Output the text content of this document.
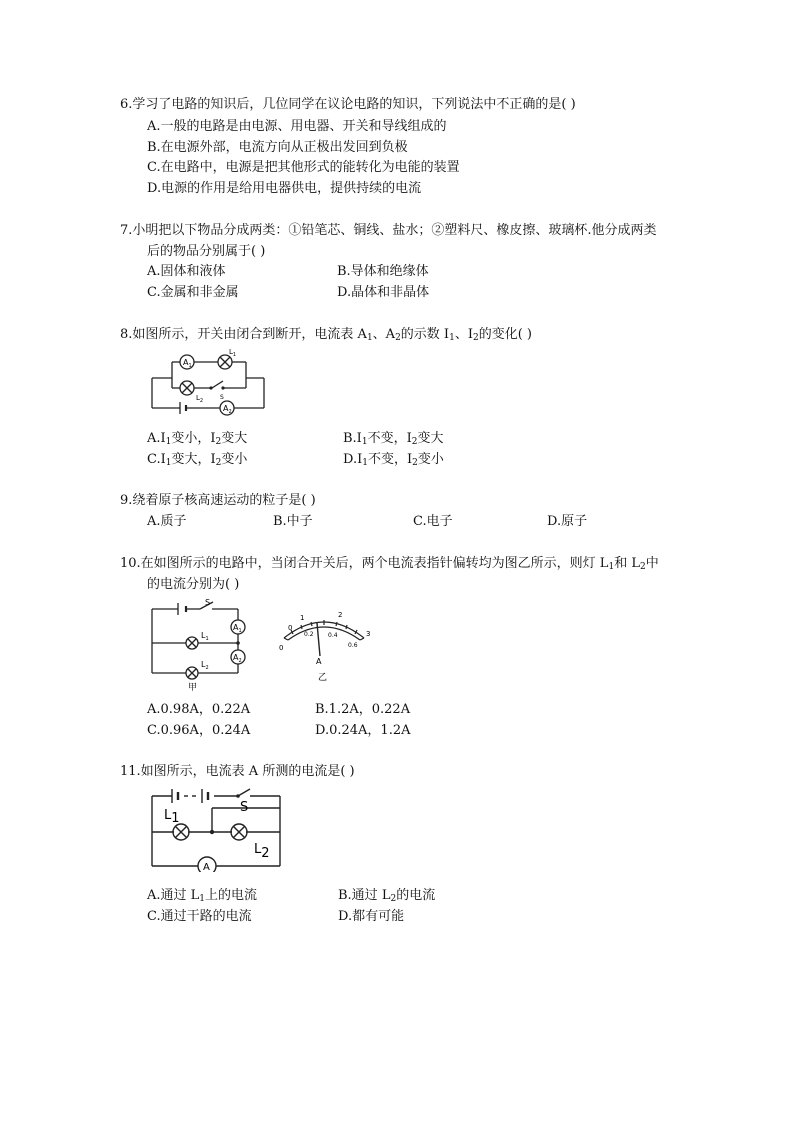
6.学习了电路的知识后，几位同学在议论电路的知识，下列说法中不正确的是( )
A.一般的电路是由电源、用电器、开关和导线组成的
B.在电源外部，电流方向从正极出发回到负极
C.在电路中，电源是把其他形式的能转化为电能的装置
D.电源的作用是给用电器供电，提供持续的电流
7.小明把以下物品分成两类：①铅笔芯、铜线、盐水；②塑料尺、橡皮擦、玻璃杯.他分成两类
后的物品分别属于( )
A.固体和液体	B.导体和绝缘体
C.金属和非金属	D.晶体和非晶体
8.如图所示，开关由闭合到断开，电流表 $A_1$、$A_2$的示数 $I_1$、$I_2$的变化( )
$A_1$
$L_1$
$L_2$	S
$A_2$
$A.I_1$变小，$I_2$变大	$B.I_1$不变，$I_2$变大
$C.I_1$变大，$I_2$变小	$D.I_1$不变，$I_2$变小
9.绕着原子核高速运动的粒子是( )
A.质子	B.中子	C.电子	D.原子
10.在如图所示的电路中，当闭合开关后，两个电流表指针偏转均为图乙所示，则灯 $L_1$和 $L_2$中
的电流分别为( )
S
$L_1$
$L_2$
$A_1$
$A_2$
甲
0
0
1	2
3
0.2 0.4
0.6
A
乙
A.0.98A，0.22A	B.1.2A，0.22A
C.0.96A，0.24A	D.0.24A，1.2A
11.如图所示，电流表 A 所测的电流是( )
S
L1
L2
A
A.通过 $L_1$上的电流	B.通过 $L_2$的电流
C.通过干路的电流	D.都有可能
